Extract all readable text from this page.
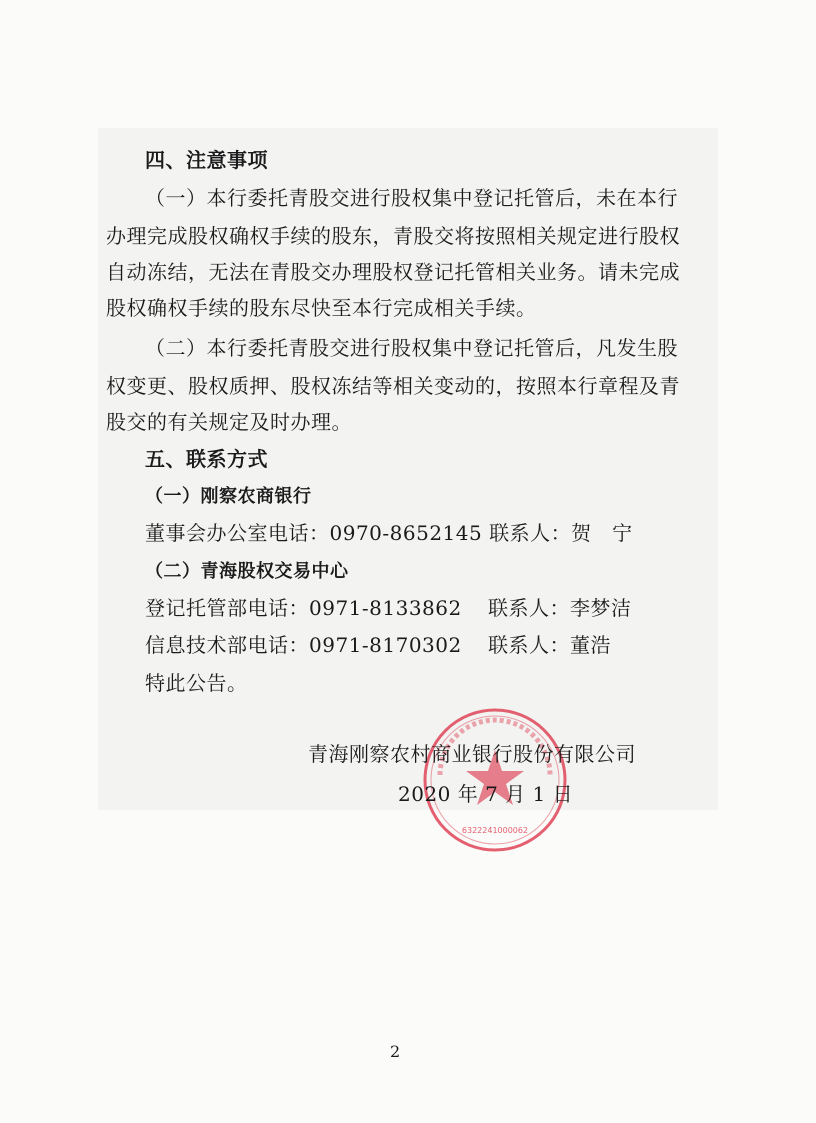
四、注意事项
（一）本行委托青股交进行股权集中登记托管后，未在本行
办理完成股权确权手续的股东，青股交将按照相关规定进行股权
自动冻结，无法在青股交办理股权登记托管相关业务。请未完成
股权确权手续的股东尽快至本行完成相关手续。
（二）本行委托青股交进行股权集中登记托管后，凡发生股
权变更、股权质押、股权冻结等相关变动的，按照本行章程及青
股交的有关规定及时办理。
五、联系方式
（一）刚察农商银行
董事会办公室电话：0970-8652145 联系人：贺　宁
（二）青海股权交易中心
登记托管部电话：0971-8133862 联系人：李梦洁
信息技术部电话：0971-8170302 联系人：董浩
特此公告。
6322241000062
青海刚察农村商业银行股份有限公司
2020 年 7 月 1 日
2
